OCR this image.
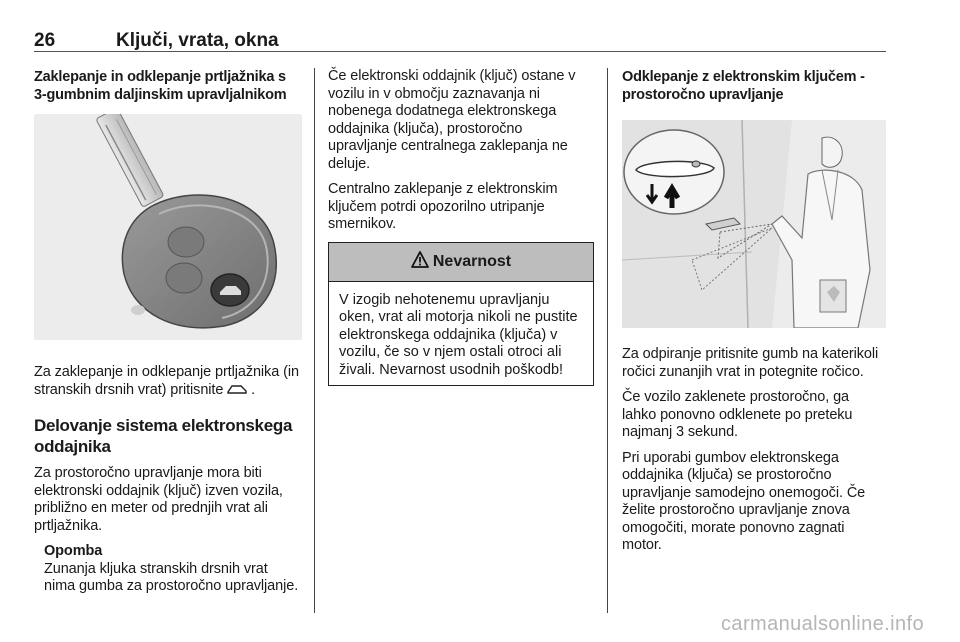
26	Ključi, vrata, okna

Zaklepanje in odklepanje prtljažnika s 3-gumbnim daljinskim upravljalnikom

Za zaklepanje in odklepanje prtljažnika (in stranskih drsnih vrat) pritisnite .

Delovanje sistema elektronskega oddajnika

Za prostoročno upravljanje mora biti elektronski oddajnik (ključ) izven vozila, približno en meter od prednjih vrat ali prtljažnika.

Opomba

Zunanja kljuka stranskih drsnih vrat nima gumba za prostoročno upravljanje.

Če elektronski oddajnik (ključ) ostane v vozilu in v območju zaznavanja ni nobenega dodatnega elektronskega oddajnika (ključa), prostoročno upravljanje centralnega zaklepanja ne deluje.

Centralno zaklepanje z elektronskim ključem potrdi opozorilno utripanje smernikov.

Nevarnost
V izogib nehotenemu upravljanju oken, vrat ali motorja nikoli ne pustite elektronskega oddajnika (ključa) v vozilu, če so v njem ostali otroci ali živali. Nevarnost usodnih poškodb!

Odklepanje z elektronskim ključem - prostoročno upravljanje

Za odpiranje pritisnite gumb na katerikoli ročici zunanjih vrat in potegnite ročico.

Če vozilo zaklenete prostoročno, ga lahko ponovno odklenete po preteku najmanj 3 sekund.

Pri uporabi gumbov elektronskega oddajnika (ključa) se prostoročno upravljanje samodejno onemogoči. Če želite prostoročno upravljanje znova omogočiti, morate ponovno zagnati motor.

carmanualsonline.info
